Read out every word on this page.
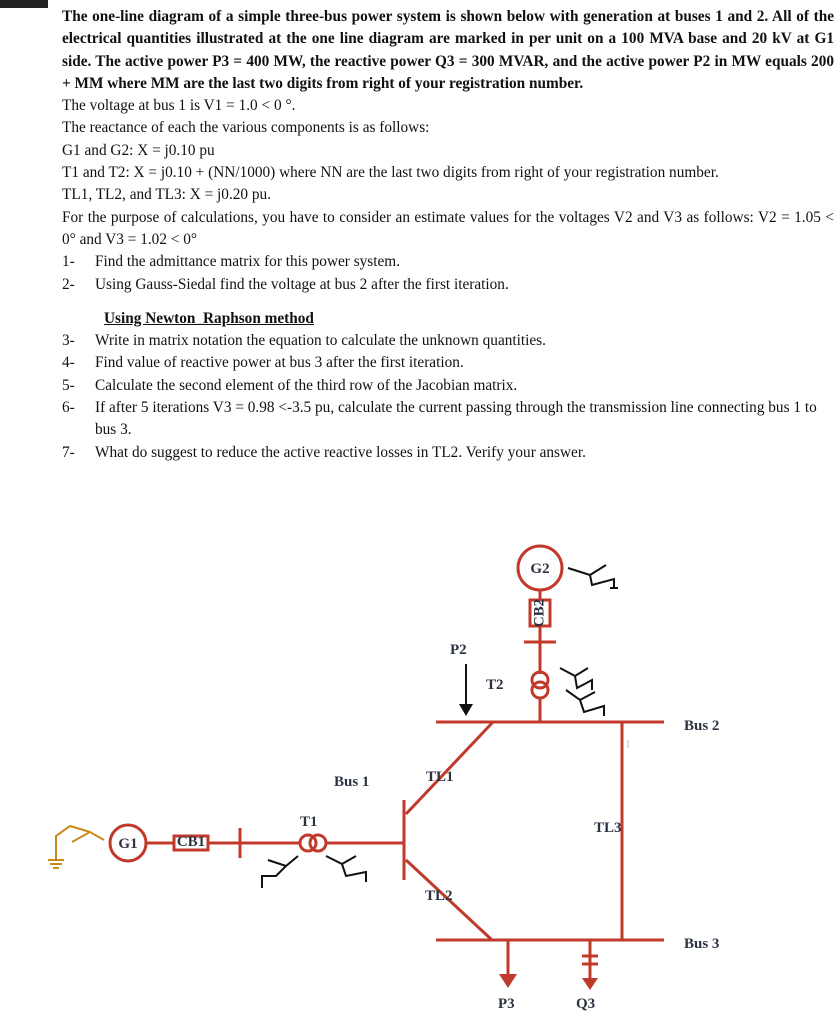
The one-line diagram of a simple three-bus power system is shown below with generation at buses 1 and 2. All of the electrical quantities illustrated at the one line diagram are marked in per unit on a 100 MVA base and 20 kV at G1 side. The active power P3 = 400 MW, the reactive power Q3 = 300 MVAR, and the active power P2 in MW equals 200 + MM where MM are the last two digits from right of your registration number.

The voltage at bus 1 is V1 = 1.0 < 0 °.

The reactance of each the various components is as follows:

G1 and G2: X = j0.10 pu

T1 and T2: X = j0.10 + (NN/1000) where NN are the last two digits from right of your registration number.

TL1, TL2, and TL3: X = j0.20 pu.

For the purpose of calculations, you have to consider an estimate values for the voltages V2 and V3 as follows: V2 = 1.05 < 0° and V3 = 1.02 < 0°

1-	Find the admittance matrix for this power system.
2-	Using Gauss-Siedal find the voltage at bus 2 after the first iteration.
Using Newton_Raphson method
3-	Write in matrix notation the equation to calculate the unknown quantities.
4-	Find value of reactive power at bus 3 after the first iteration.
5-	Calculate the second element of the third row of the Jacobian matrix.
6-	If after 5 iterations V3 = 0.98 <-3.5 pu, calculate the current passing through the transmission line connecting bus 1 to bus 3.
7-	What do suggest to reduce the active reactive losses in TL2. Verify your answer.
G2
CB2
T2
P2
Bus 2
TL1
Bus 1
TL3
TL2
G1	CB1
T1
Bus 3
P3	Q3
